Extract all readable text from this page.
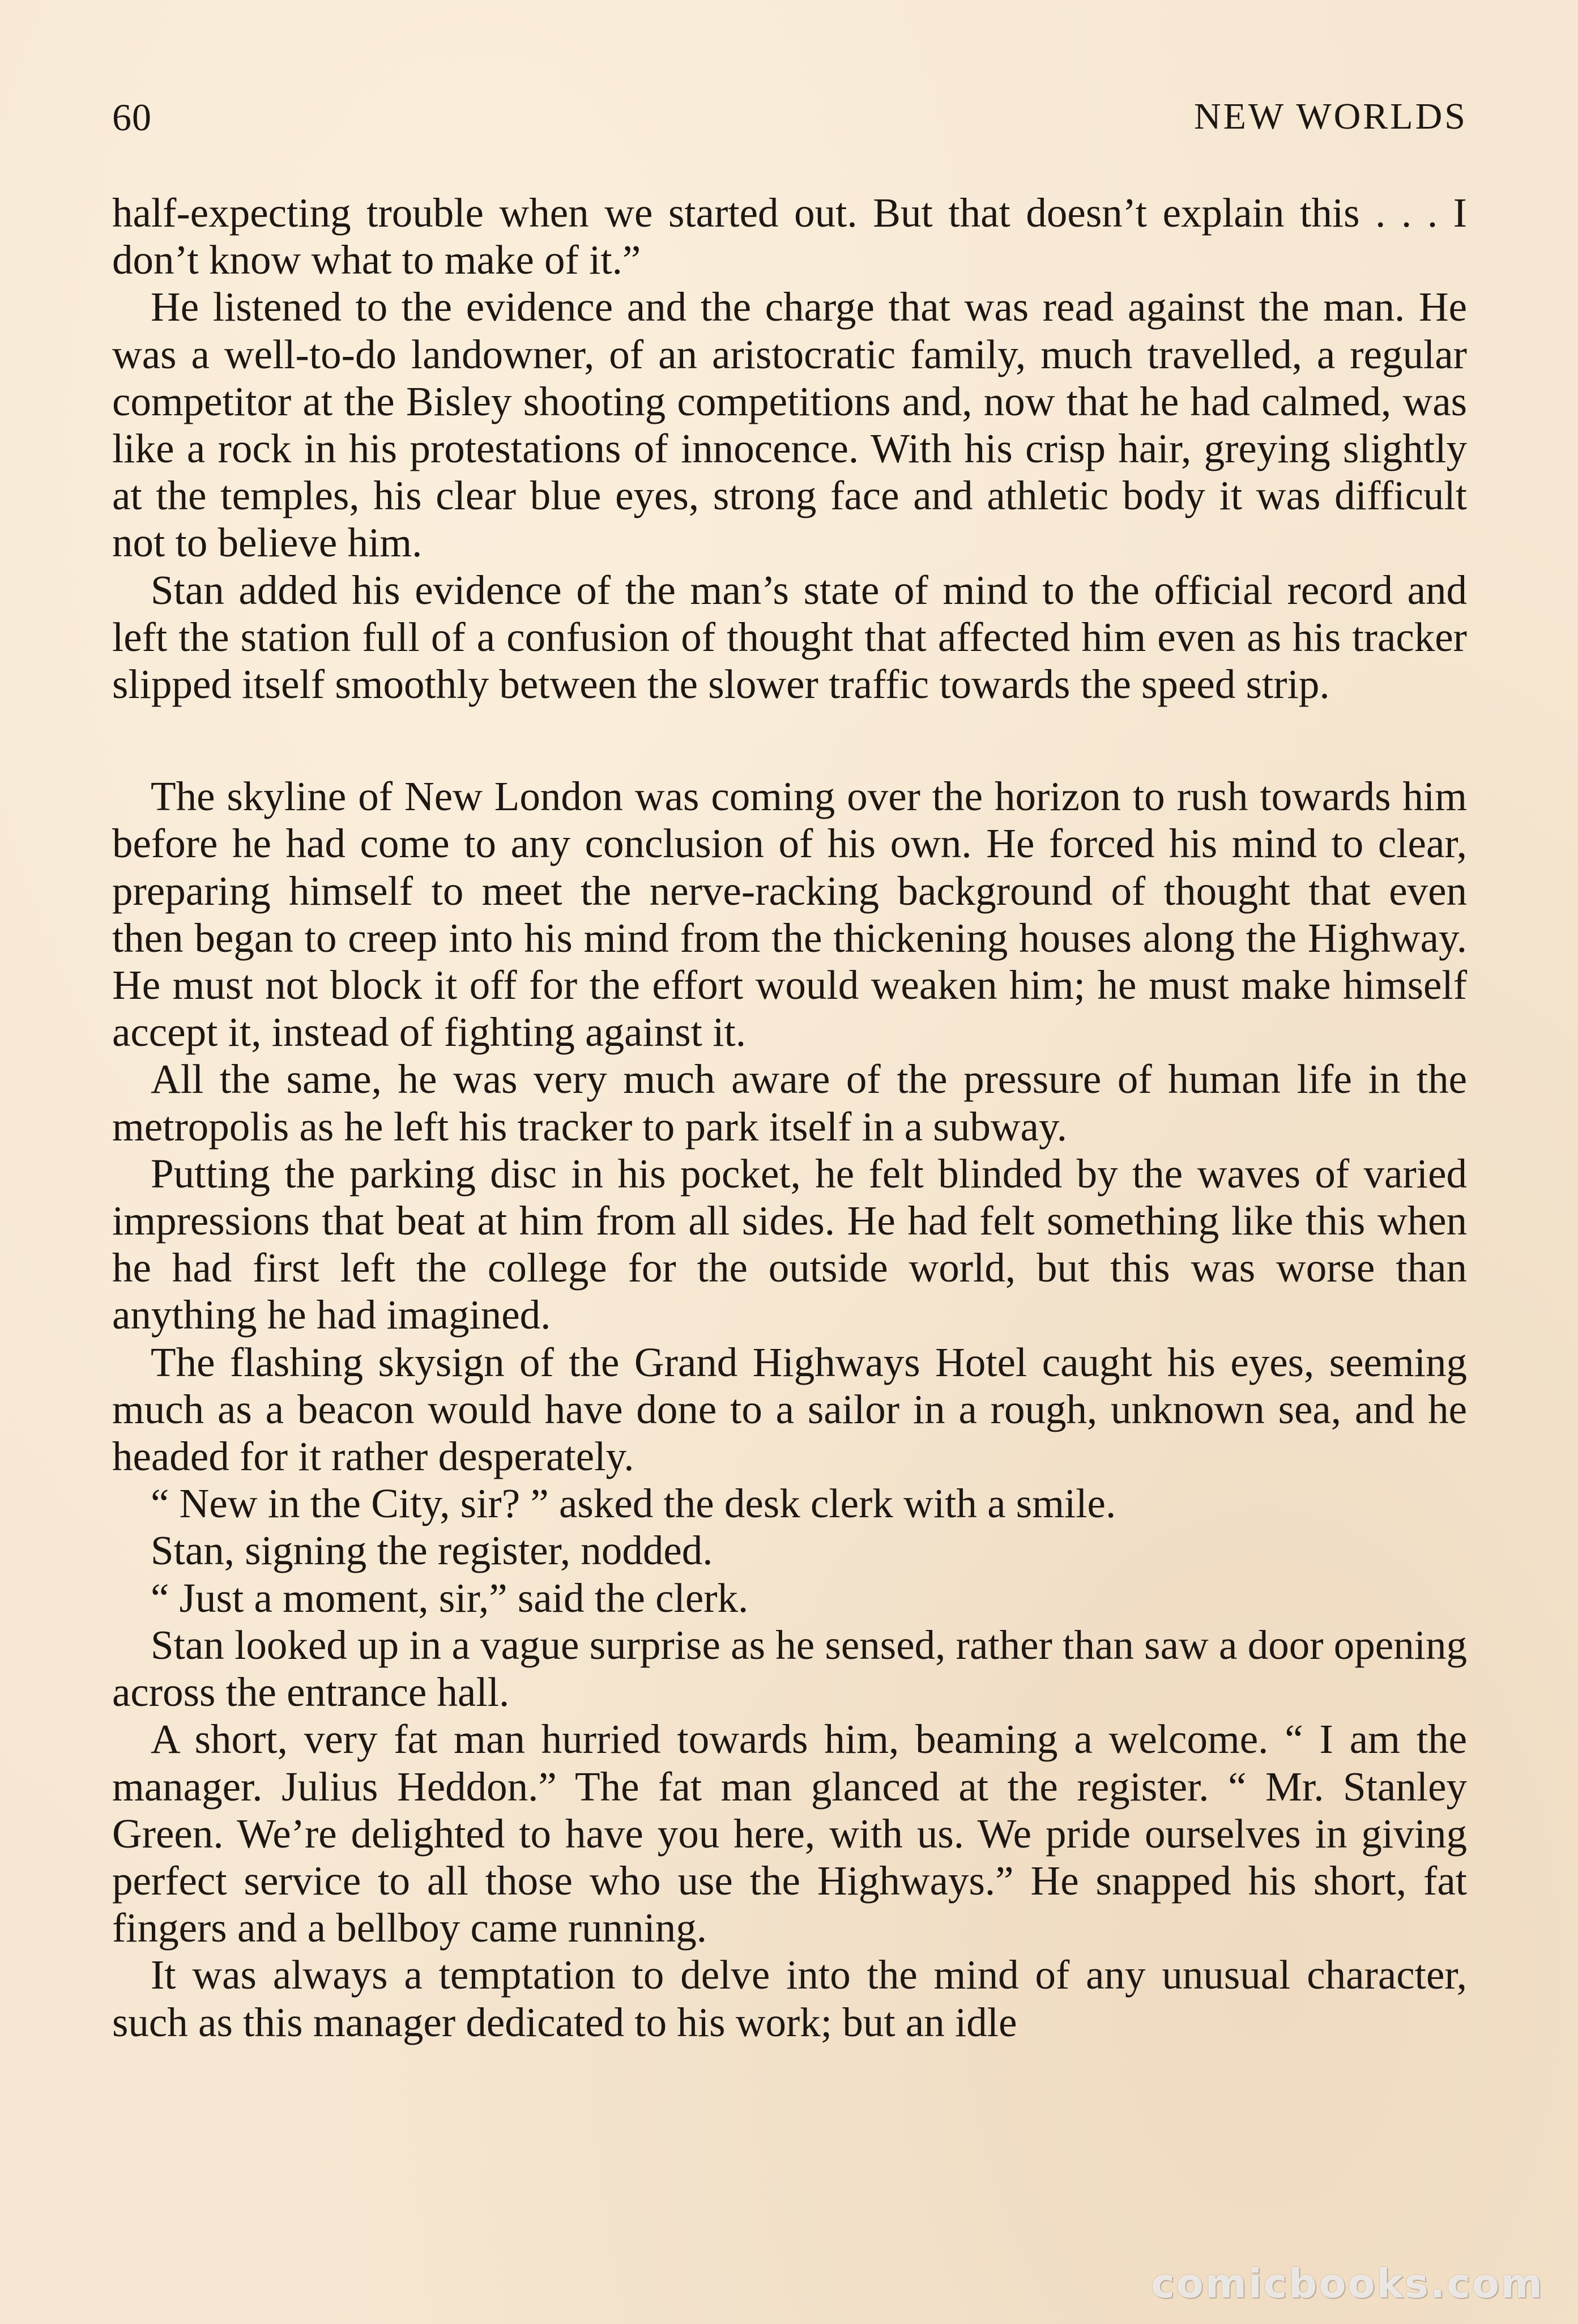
60	NEW WORLDS

half-expecting trouble when we started out. But that doesn’t explain this . . . I don’t know what to make of it.”

He listened to the evidence and the charge that was read against the man. He was a well-to-do landowner, of an aristocratic family, much travelled, a regular competitor at the Bisley shooting competitions and, now that he had calmed, was like a rock in his protestations of innocence. With his crisp hair, greying slightly at the temples, his clear blue eyes, strong face and athletic body it was difficult not to believe him.

Stan added his evidence of the man’s state of mind to the official record and left the station full of a confusion of thought that affected him even as his tracker slipped itself smoothly between the slower traffic towards the speed strip.

The skyline of New London was coming over the horizon to rush towards him before he had come to any conclusion of his own. He forced his mind to clear, preparing himself to meet the nerve-racking background of thought that even then began to creep into his mind from the thickening houses along the Highway. He must not block it off for the effort would weaken him; he must make himself accept it, instead of fighting against it.

All the same, he was very much aware of the pressure of human life in the metropolis as he left his tracker to park itself in a subway.

Putting the parking disc in his pocket, he felt blinded by the waves of varied impressions that beat at him from all sides. He had felt something like this when he had first left the college for the outside world, but this was worse than anything he had imagined.

The flashing skysign of the Grand Highways Hotel caught his eyes, seeming much as a beacon would have done to a sailor in a rough, unknown sea, and he headed for it rather desperately.

“ New in the City, sir? ” asked the desk clerk with a smile.

Stan, signing the register, nodded.

“ Just a moment, sir,” said the clerk.

Stan looked up in a vague surprise as he sensed, rather than saw a door opening across the entrance hall.

A short, very fat man hurried towards him, beaming a welcome. “ I am the manager. Julius Heddon.” The fat man glanced at the register. “ Mr. Stanley Green. We’re delighted to have you here, with us. We pride ourselves in giving perfect service to all those who use the Highways.” He snapped his short, fat fingers and a bellboy came running.

It was always a temptation to delve into the mind of any unusual character, such as this manager dedicated to his work; but an idle

comicbooks.com
